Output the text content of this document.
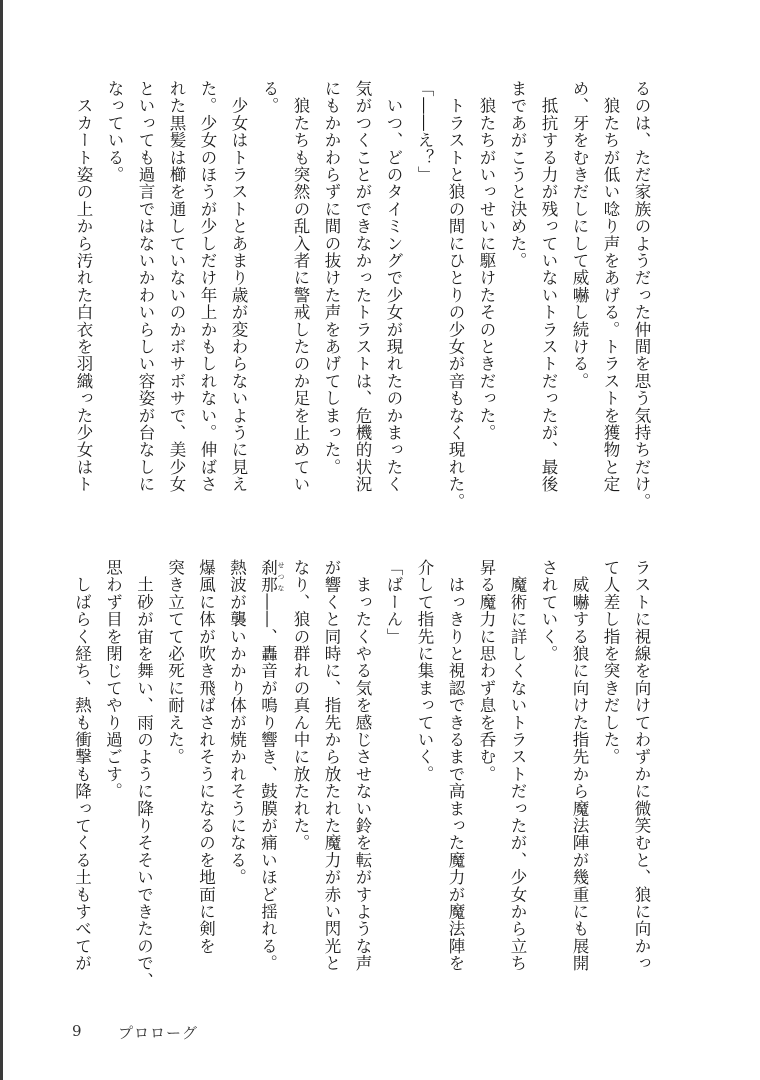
るのは、ただ家族のようだった仲間を思う気持ちだけ。
　狼たちが低い唸り声をあげる。トラストを獲物と定
め、牙をむきだしにして威嚇し続ける。
　抵抗する力が残っていないトラストだったが、最後
まであがこうと決めた。
　狼たちがいっせいに駆けたそのときだった。
　トラストと狼の間にひとりの少女が音もなく現れた。
「――え？」
　いつ、どのタイミングで少女が現れたのかまったく
気がつくことができなかったトラストは、危機的状況
にもかかわらずに間の抜けた声をあげてしまった。
　狼たちも突然の乱入者に警戒したのか足を止めてい
る。
　少女はトラストとあまり歳が変わらないように見え
た。少女のほうが少しだけ年上かもしれない。伸ばさ
れた黒髪は櫛を通していないのかボサボサで、美少女
といっても過言ではないかわいらしい容姿が台なしに
なっている。
　スカート姿の上から汚れた白衣を羽織った少女はト
ラストに視線を向けてわずかに微笑むと、狼に向かっ
て人差し指を突きだした。
　威嚇する狼に向けた指先から魔法陣が幾重にも展開
されていく。
　魔術に詳しくないトラストだったが、少女から立ち
昇る魔力に思わず息を呑む。
　はっきりと視認できるまで高まった魔力が魔法陣を
介して指先に集まっていく。
「ばーん」
　まったくやる気を感じさせない鈴を転がすような声
が響くと同時に、指先から放たれた魔力が赤い閃光と
なり、狼の群れの真ん中に放たれた。
刹那 せつな――、轟音が鳴り響き、鼓膜が痛いほど揺れる。
熱波が襲いかかり体が焼かれそうになる。
爆風に体が吹き飛ばされそうになるのを地面に剣を
突き立てて必死に耐えた。
　土砂が宙を舞い、雨のように降りそそいできたので、
思わず目を閉じてやり過ごす。
　しばらく経ち、熱も衝撃も降ってくる土もすべてが
9 プロローグ
